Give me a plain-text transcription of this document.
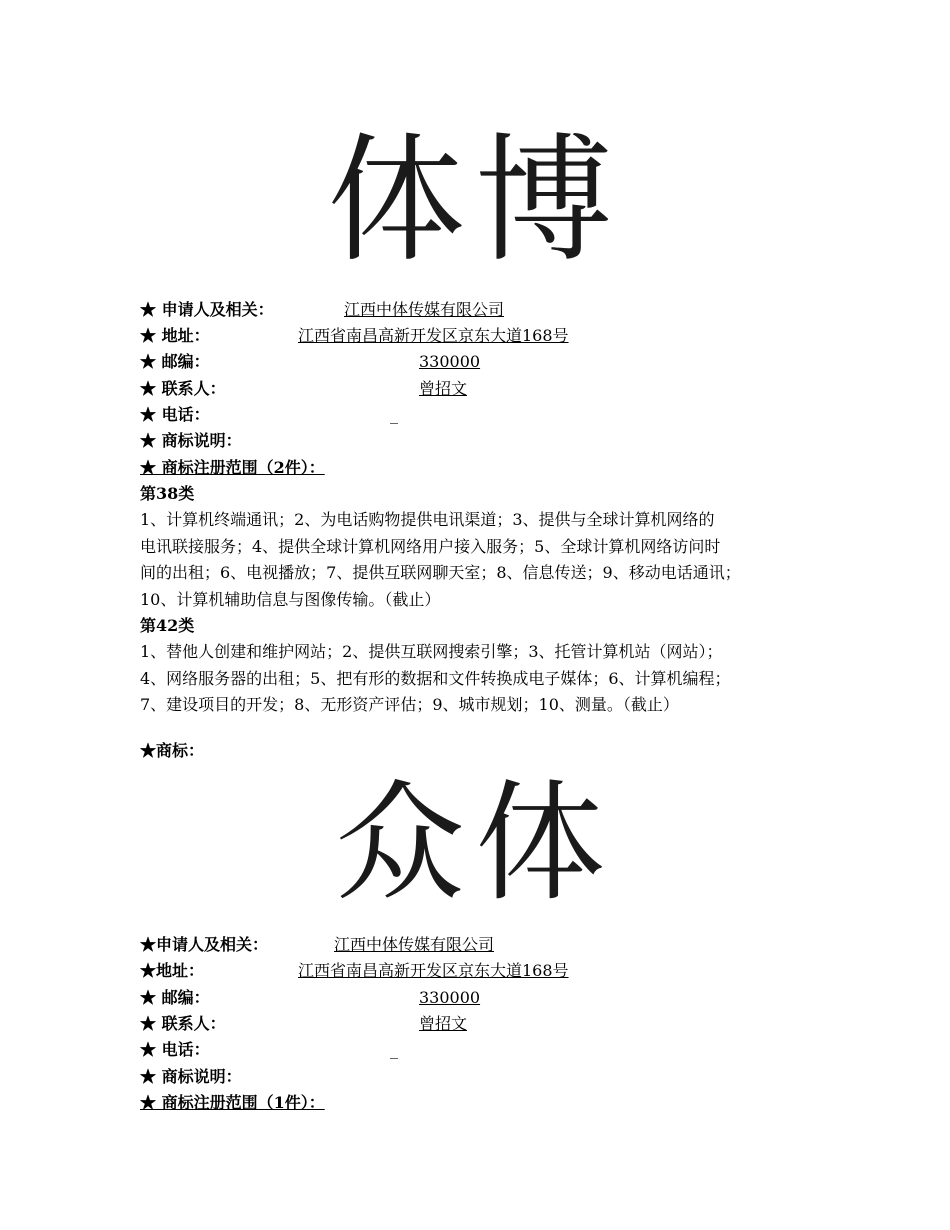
体博
★ 申请人及相关：	江西中体传媒有限公司
★ 地址：	江西省南昌高新开发区京东大道168号
★ 邮编：	330000
★ 联系人：	曾招文
★ 电话：	_
★ 商标说明：
★ 商标注册范围（2件）：
第38类
1、计算机终端通讯；2、为电话购物提供电讯渠道；3、提供与全球计算机网络的
电讯联接服务；4、提供全球计算机网络用户接入服务；5、全球计算机网络访问时
间的出租；6、电视播放；7、提供互联网聊天室；8、信息传送；9、移动电话通讯；
10、计算机辅助信息与图像传输。（截止）
第42类
1、替他人创建和维护网站；2、提供互联网搜索引擎；3、托管计算机站（网站）；
4、网络服务器的出租；5、把有形的数据和文件转换成电子媒体；6、计算机编程；
7、建设项目的开发；8、无形资产评估；9、城市规划；10、测量。（截止）
★商标：
众体
★申请人及相关：	江西中体传媒有限公司
★地址：	江西省南昌高新开发区京东大道168号
★ 邮编：	330000
★ 联系人：	曾招文
★ 电话：	_
★ 商标说明：
★ 商标注册范围（1件）：
